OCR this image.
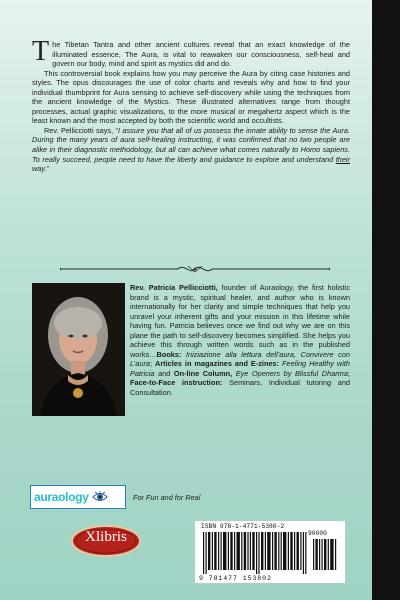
The Tibetan Tantra and other ancient cultures reveal that an exact knowledge of the illuminated essence, The Aura, is vital to reawaken our consciousness, self-heal and govern our body, mind and spirit as mystics did and do.

This controversial book explains how you may perceive the Aura by citing case histories and styles. The opus discourages the use of color charts and reveals why and how to find your individual thumbprint for Aura sensing to achieve self-discovery while using the techniques from the ancient knowledge of the Mystics. These illustrated alternatives range from thought processes, actual graphic visualizations, to the more musical or megahertz aspect which is the least known and the most accepted by both the scientific world and occultists.

Rev. Pellicciotti says, “I assure you that all of us possess the innate ability to sense the Aura. During the many years of aura self-healing instructing, it was confirmed that no two people are alike in their diagnostic methodology, but all can achieve what comes naturally to Homo sapiens. To really succeed, people need to have the liberty and guidance to explore and understand their way.”

Rev. Patricia Pellicciotti, founder of Auraology, the first holistic brand is a mystic, spiritual healer, and author who is known internationally for her clarity and simple techniques that help you unravel your inherent gifts and your mission in this lifetime while having fun. Patricia believes once we find out why we are on this plane the path to self-discovery becomes simplified. She helps you achieve this through written words such as in the published works…Books: Iniziazione alla lettura dell’aura, Convivere con L’aura; Articles in magazines and E-zines: Feeling Healthy with Patricia and On-line Column, Eye Openers by Blissful Dharma; Face-to-Face instruction: Seminars, Individual tutoring and Consultation.
auraology	For Fun and for Real
Xlibris
ISBN 978-1-4771-5380-2
90000
9 781477 153802
